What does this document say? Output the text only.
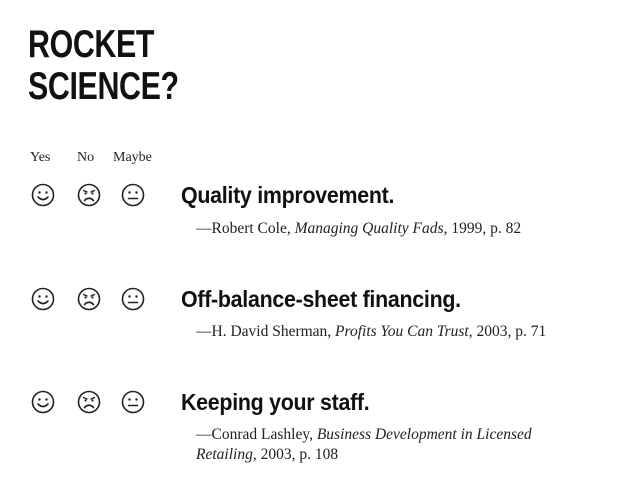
ROCKET
SCIENCE?
Yes No Maybe
Quality improvement.
—Robert Cole, Managing Quality Fads, 1999, p. 82
Off-balance-sheet financing.
—H. David Sherman, Profits You Can Trust, 2003, p. 71
Keeping your staff.
—Conrad Lashley, Business Development in Licensed Retailing, 2003, p. 108
